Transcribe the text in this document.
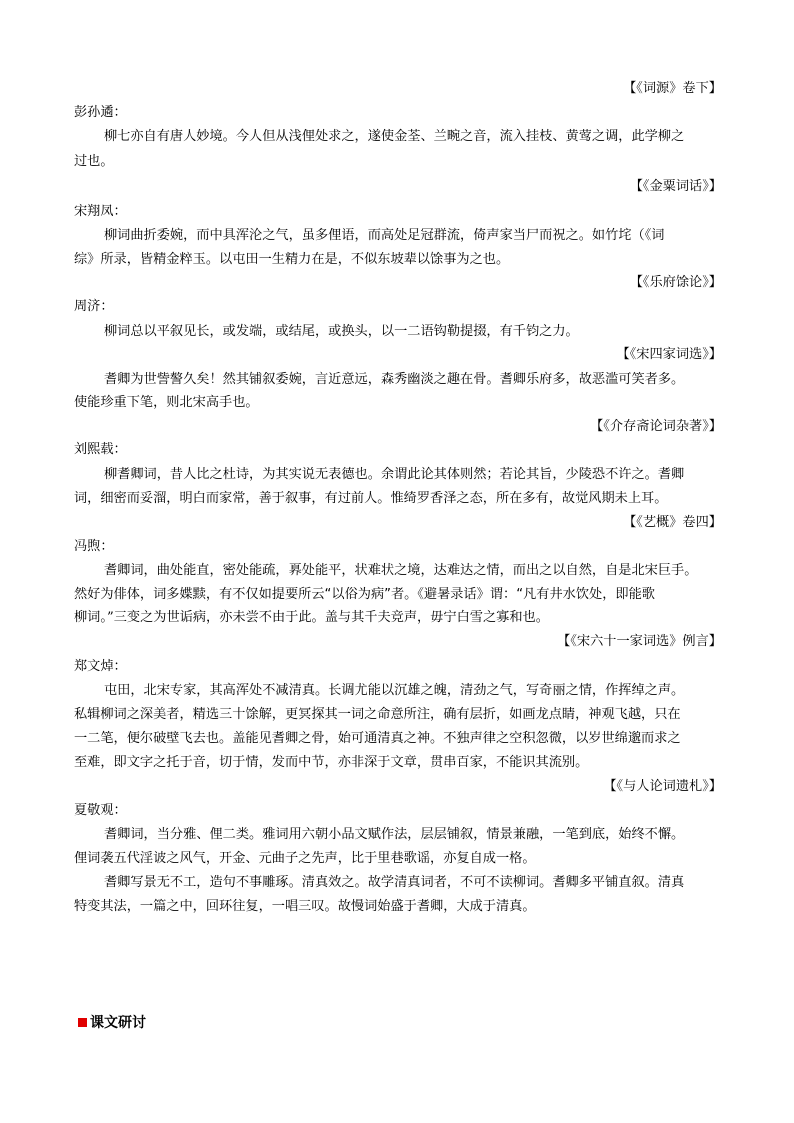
【《词源》卷下】
彭孙遹：
柳七亦自有唐人妙境。今人但从浅俚处求之，遂使金荃、兰畹之音，流入挂枝、黄莺之调，此学柳之
过也。
【《金粟词话》】
宋翔凤：
柳词曲折委婉，而中具浑沦之气，虽多俚语，而高处足冠群流，倚声家当尸而祝之。如竹垞（《词
综》所录，皆精金粹玉。以屯田一生精力在是，不似东坡辈以馀事为之也。
【《乐府馀论》】
周济：
柳词总以平叙见长，或发端，或结尾，或换头，以一二语钩勒提掇，有千钧之力。
【《宋四家词选》】
耆卿为世訾謷久矣！然其铺叙委婉，言近意远，森秀幽淡之趣在骨。耆卿乐府多，故恶滥可笑者多。
使能珍重下笔，则北宋高手也。
【《介存斋论词杂著》】
刘熙载：
柳耆卿词，昔人比之杜诗，为其实说无表德也。余谓此论其体则然；若论其旨，少陵恐不许之。耆卿
词，细密而妥溜，明白而家常，善于叙事，有过前人。惟绮罗香泽之态，所在多有，故觉风期未上耳。
【《艺概》卷四】
冯煦：
耆卿词，曲处能直，密处能疏，奡处能平，状难状之境，达难达之情，而出之以自然，自是北宋巨手。
然好为俳体，词多媟黩，有不仅如提要所云“以俗为病”者。《避暑录话》谓：“凡有井水饮处，即能歌
柳词。”三变之为世诟病，亦未尝不由于此。盖与其千夫竞声，毋宁白雪之寡和也。
【《宋六十一家词选》例言】
郑文焯：
屯田，北宋专家，其高浑处不减清真。长调尤能以沉雄之魄，清劲之气，写奇丽之情，作挥绰之声。
私辑柳词之深美者，精选三十馀解，更冥探其一词之命意所注，确有层折，如画龙点睛，神观飞越，只在
一二笔，便尔破壁飞去也。盖能见耆卿之骨，始可通清真之神。不独声律之空积忽微，以岁世绵邈而求之
至难，即文字之托于音，切于情，发而中节，亦非深于文章，贯串百家，不能识其流别。
【《与人论词遗札》】
夏敬观：
耆卿词，当分雅、俚二类。雅词用六朝小品文赋作法，层层铺叙，情景兼融，一笔到底，始终不懈。
俚词袭五代淫诐之风气，开金、元曲子之先声，比于里巷歌谣，亦复自成一格。
耆卿写景无不工，造句不事雕琢。清真效之。故学清真词者，不可不读柳词。耆卿多平铺直叙。清真
特变其法，一篇之中，回环往复，一唱三叹。故慢词始盛于耆卿，大成于清真。
课文研讨
